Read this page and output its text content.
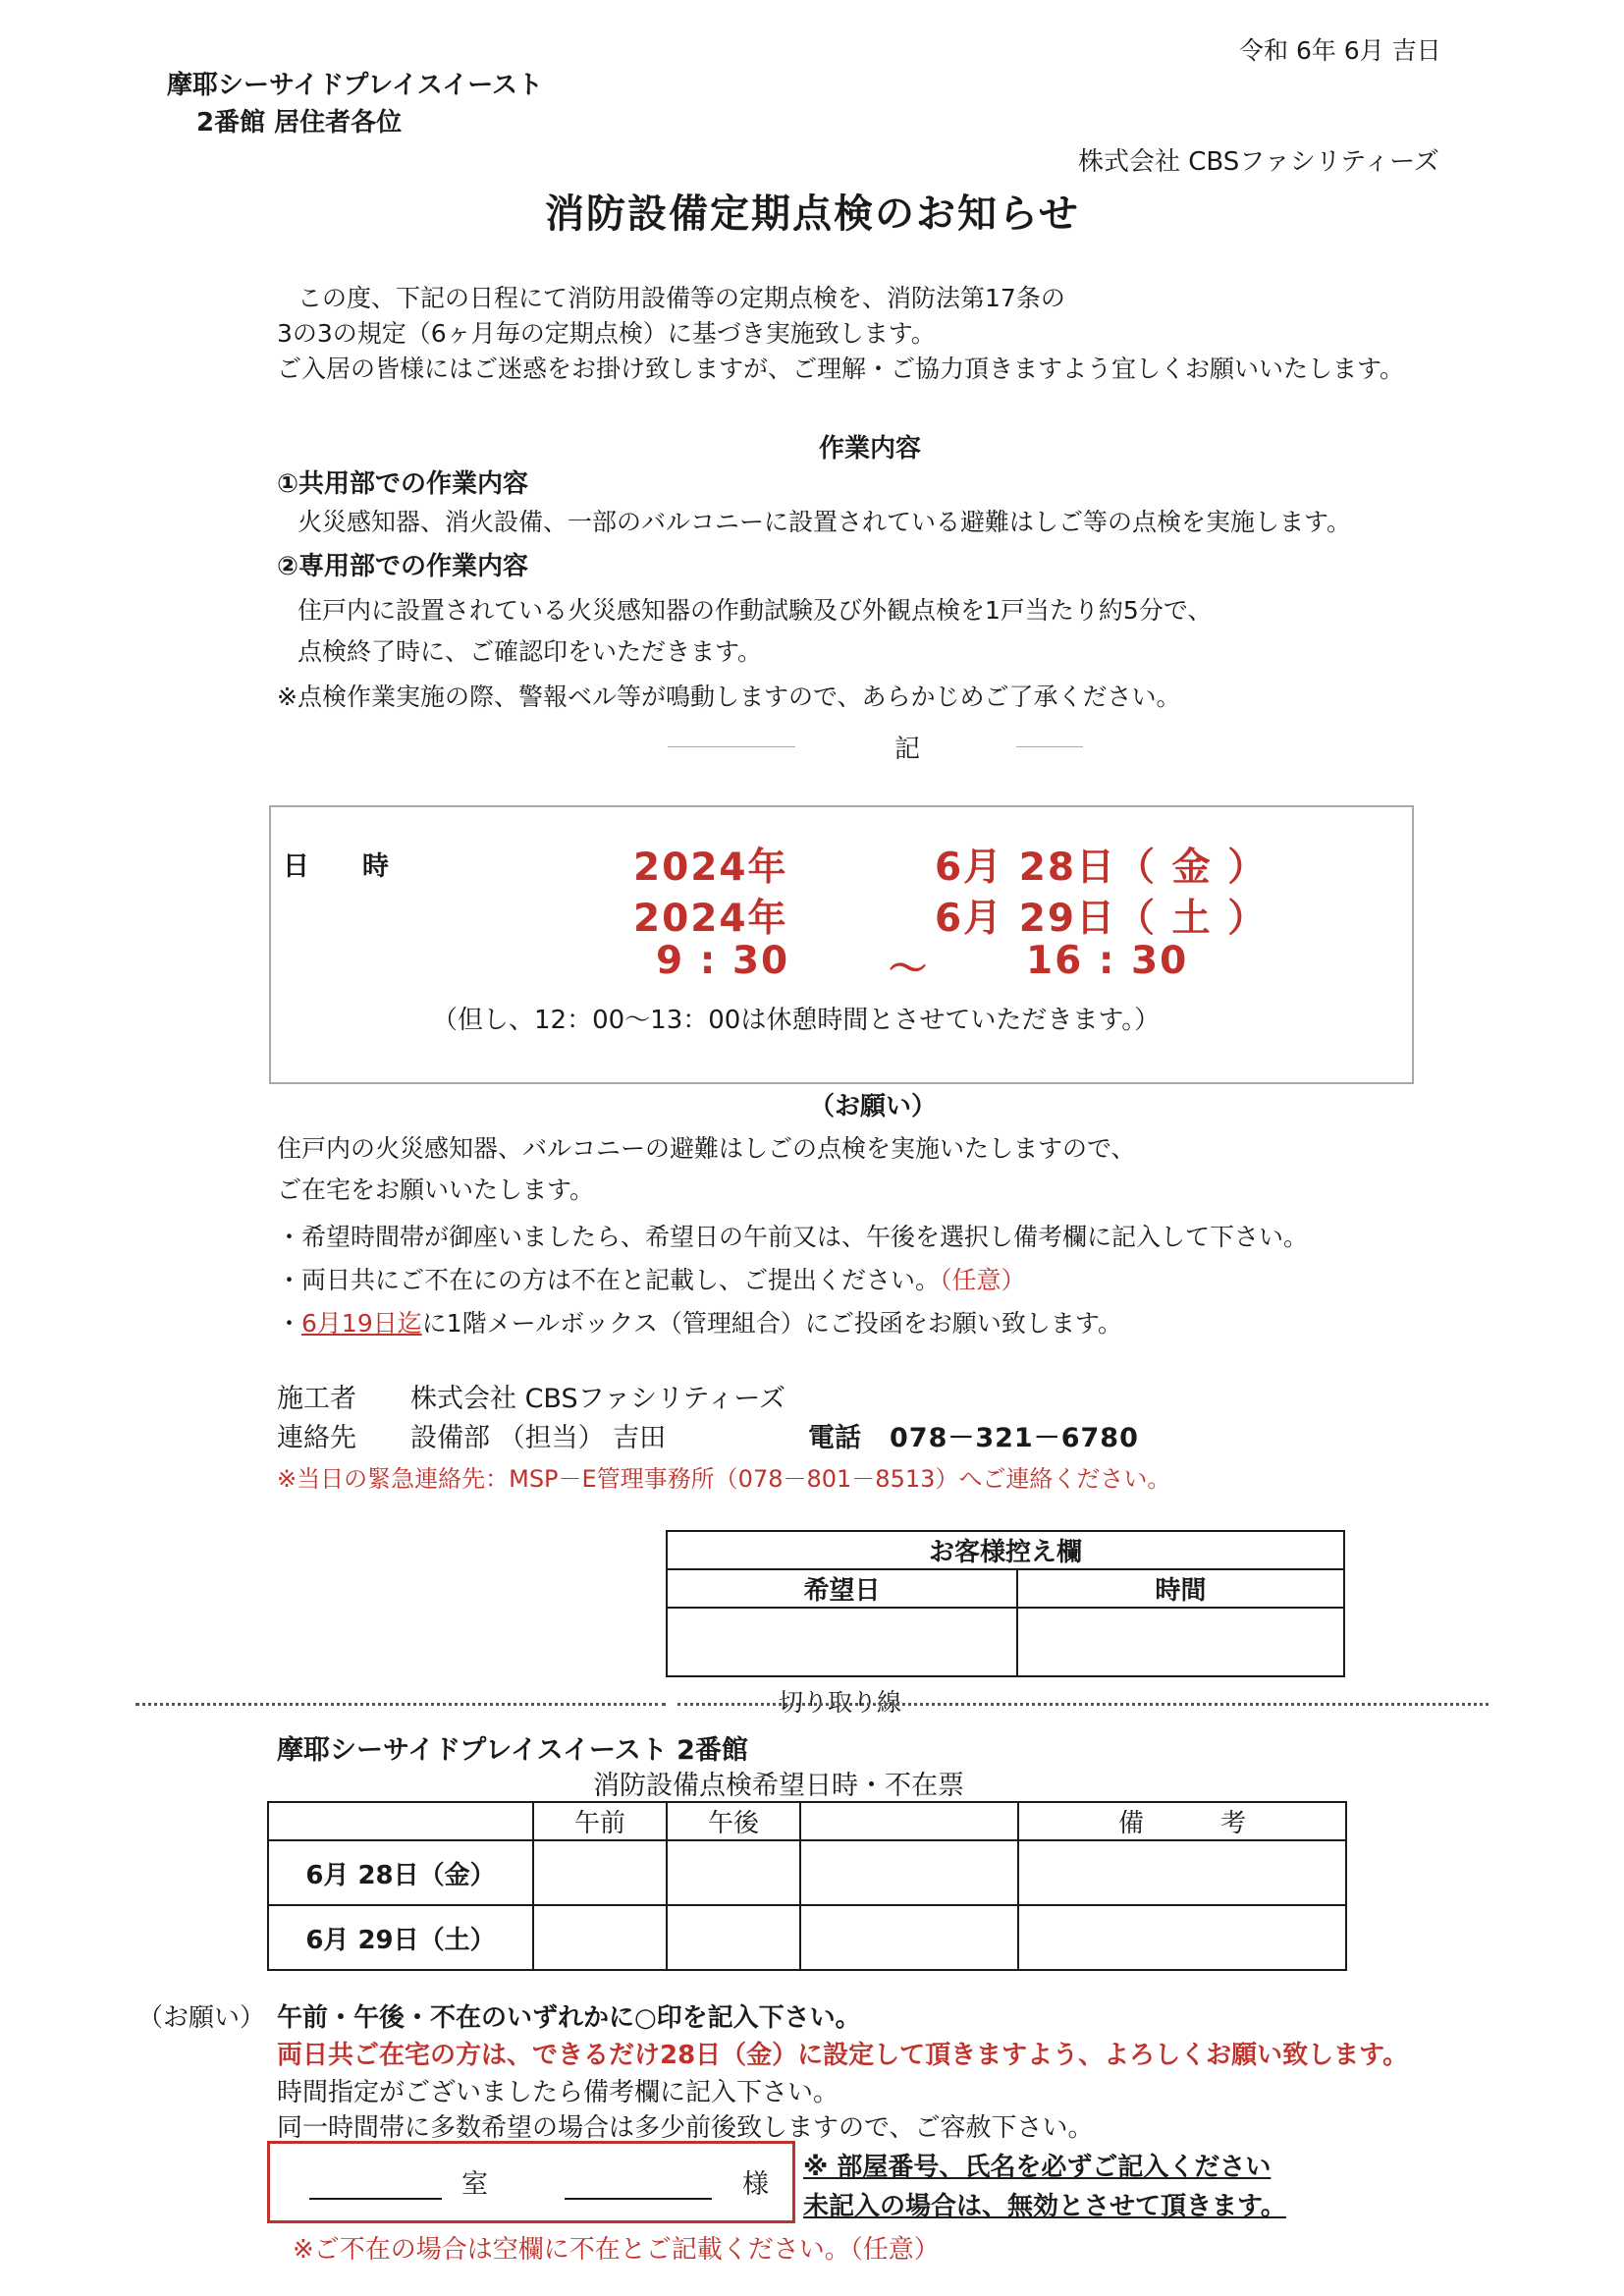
令和 6年 6月 吉日
摩耶シーサイドプレイスイースト
2番館 居住者各位
株式会社 CBSファシリティーズ
消防設備定期点検のお知らせ
この度、下記の日程にて消防用設備等の定期点検を、消防法第17条の
3の3の規定（6ヶ月毎の定期点検）に基づき実施致します。
ご入居の皆様にはご迷惑をお掛け致しますが、ご理解・ご協力頂きますよう宜しくお願いいたします。
作業内容
①共用部での作業内容
火災感知器、消火設備、一部のバルコニーに設置されている避難はしご等の点検を実施します。
②専用部での作業内容
住戸内に設置されている火災感知器の作動試験及び外観点検を1戸当たり約5分で、
点検終了時に、ご確認印をいただきます。
※点検作業実施の際、警報ベル等が鳴動しますので、あらかじめご了承ください。
記
日　　時	2024年	6月 28日（ 金 ）
2024年	6月 29日（ 土 ）
9 : 30	～	16 : 30
（但し、12：00～13：00は休憩時間とさせていただきます。）
（お願い）
住戸内の火災感知器、バルコニーの避難はしごの点検を実施いたしますので、
ご在宅をお願いいたします。
・希望時間帯が御座いましたら、希望日の午前又は、午後を選択し備考欄に記入して下さい。
・両日共にご不在にの方は不在と記載し、ご提出ください。（任意）
・6月19日迄に1階メールボックス（管理組合）にご投函をお願い致します。
施工者 株式会社 CBSファシリティーズ
連絡先 設備部 （担当） 吉田	電話 078－321－6780
※当日の緊急連絡先：MSP－E管理事務所（078－801－8513）へご連絡ください。
お客様控え欄	
希望日	時間

切り取り線
摩耶シーサイドプレイスイースト 2番館
消防設備点検希望日時・不在票
	午前	午後		備　　　考
6月 28日（金）				
6月 29日（土）				
（お願い） 午前・午後・不在のいずれかに○印を記入下さい。
両日共ご在宅の方は、できるだけ28日（金）に設定して頂きますよう、よろしくお願い致します。
時間指定がございましたら備考欄に記入下さい。
同一時間帯に多数希望の場合は多少前後致しますので、ご容赦下さい。
室	様
※ 部屋番号、氏名を必ずご記入ください
未記入の場合は、無効とさせて頂きます。
※ご不在の場合は空欄に不在とご記載ください。（任意）
